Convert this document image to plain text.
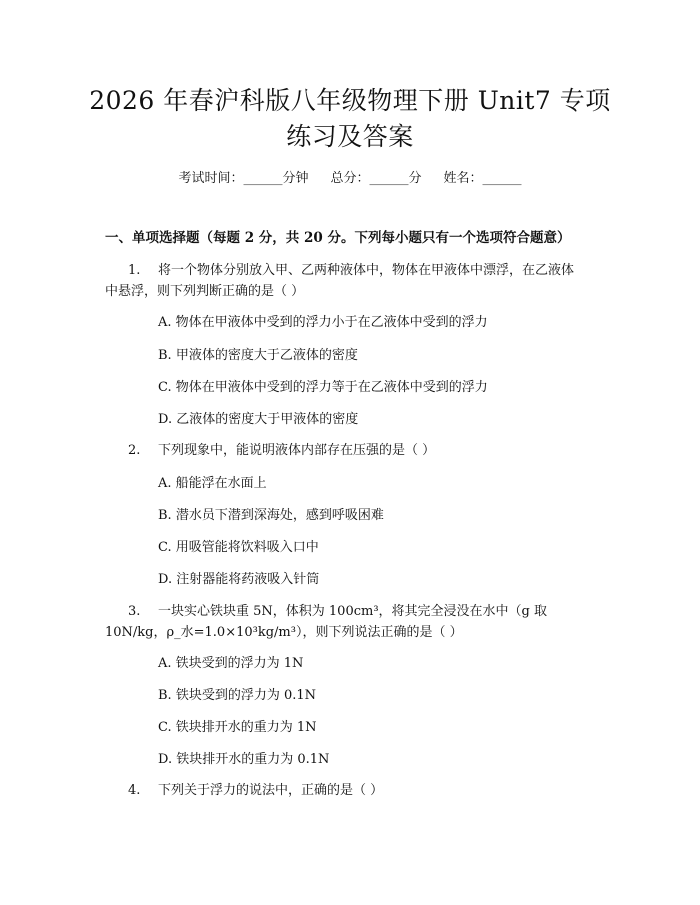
2026 年春沪科版八年级物理下册 Unit7 专项
练习及答案
考试时间：______分钟 总分：______分 姓名：______
一、单项选择题（每题 2 分，共 20 分。下列每小题只有一个选项符合题意）
1. 将一个物体分别放入甲、乙两种液体中，物体在甲液体中漂浮，在乙液体
中悬浮，则下列判断正确的是（ ）
A. 物体在甲液体中受到的浮力小于在乙液体中受到的浮力
B. 甲液体的密度大于乙液体的密度
C. 物体在甲液体中受到的浮力等于在乙液体中受到的浮力
D. 乙液体的密度大于甲液体的密度
2. 下列现象中，能说明液体内部存在压强的是（ ）
A. 船能浮在水面上
B. 潜水员下潜到深海处，感到呼吸困难
C. 用吸管能将饮料吸入口中
D. 注射器能将药液吸入针筒
3. 一块实心铁块重 5N，体积为 100cm³，将其完全浸没在水中（g 取
10N/kg，ρ_水=1.0×10³kg/m³），则下列说法正确的是（ ）
A. 铁块受到的浮力为 1N
B. 铁块受到的浮力为 0.1N
C. 铁块排开水的重力为 1N
D. 铁块排开水的重力为 0.1N
4. 下列关于浮力的说法中，正确的是（ ）
